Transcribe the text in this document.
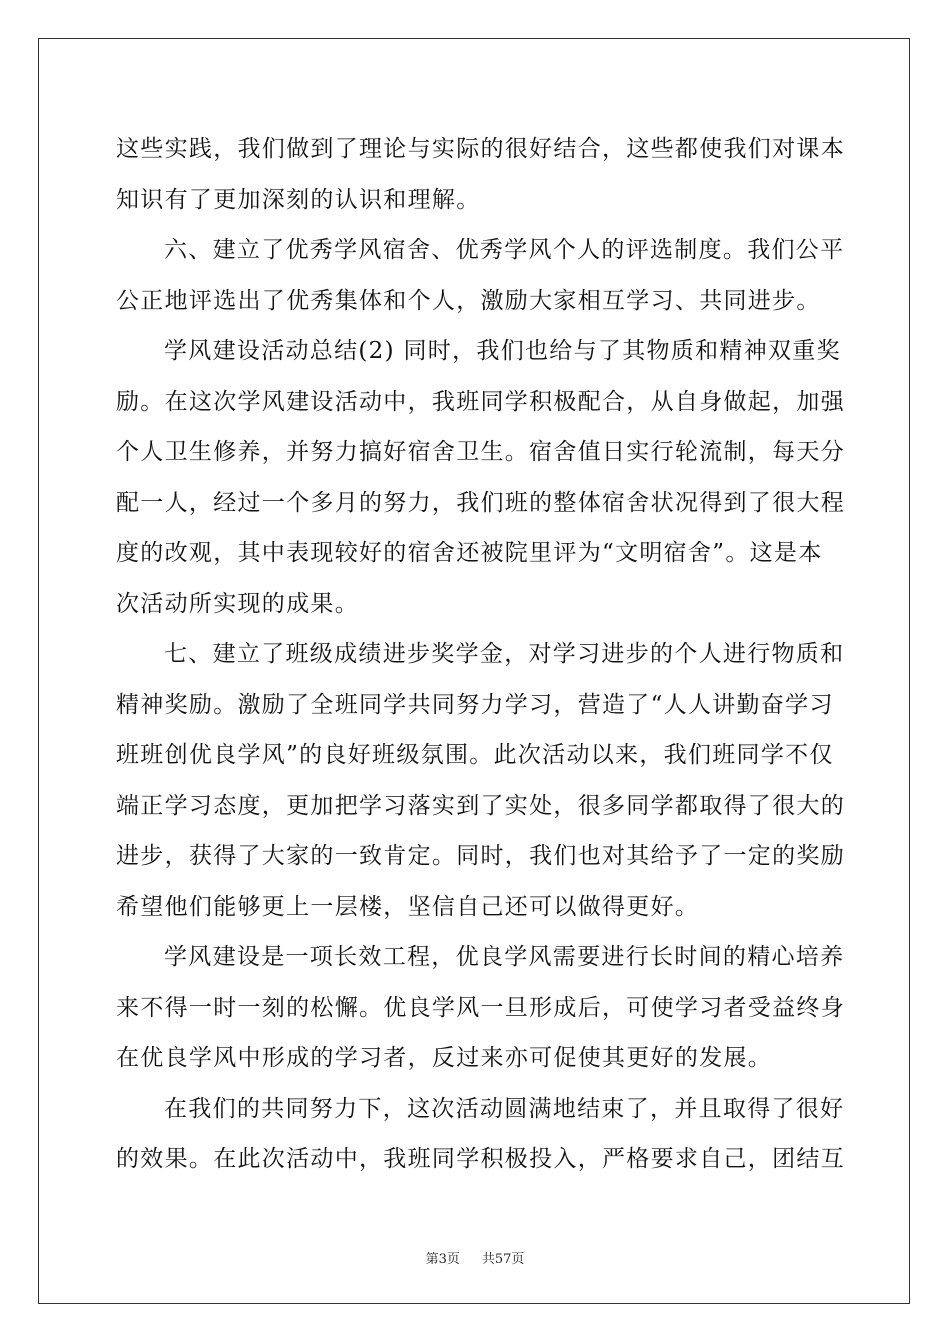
这些实践，我们做到了理论与实际的很好结合，这些都使我们对课本
知识有了更加深刻的认识和理解。
六、建立了优秀学风宿舍、优秀学风个人的评选制度。我们公平
公正地评选出了优秀集体和个人，激励大家相互学习、共同进步。
学风建设活动总结(2) 同时，我们也给与了其物质和精神双重奖
励。在这次学风建设活动中，我班同学积极配合，从自身做起，加强
个人卫生修养，并努力搞好宿舍卫生。宿舍值日实行轮流制，每天分
配一人，经过一个多月的努力，我们班的整体宿舍状况得到了很大程
度的改观，其中表现较好的宿舍还被院里评为“文明宿舍”。这是本
次活动所实现的成果。
七、建立了班级成绩进步奖学金，对学习进步的个人进行物质和
精神奖励。激励了全班同学共同努力学习，营造了“人人讲勤奋学习
班班创优良学风”的良好班级氛围。此次活动以来，我们班同学不仅
端正学习态度，更加把学习落实到了实处，很多同学都取得了很大的
进步，获得了大家的一致肯定。同时，我们也对其给予了一定的奖励
希望他们能够更上一层楼，坚信自己还可以做得更好。
学风建设是一项长效工程，优良学风需要进行长时间的精心培养
来不得一时一刻的松懈。优良学风一旦形成后，可使学习者受益终身
在优良学风中形成的学习者，反过来亦可促使其更好的发展。
在我们的共同努力下，这次活动圆满地结束了，并且取得了很好
的效果。在此次活动中，我班同学积极投入，严格要求自己，团结互
第3页 共57页
